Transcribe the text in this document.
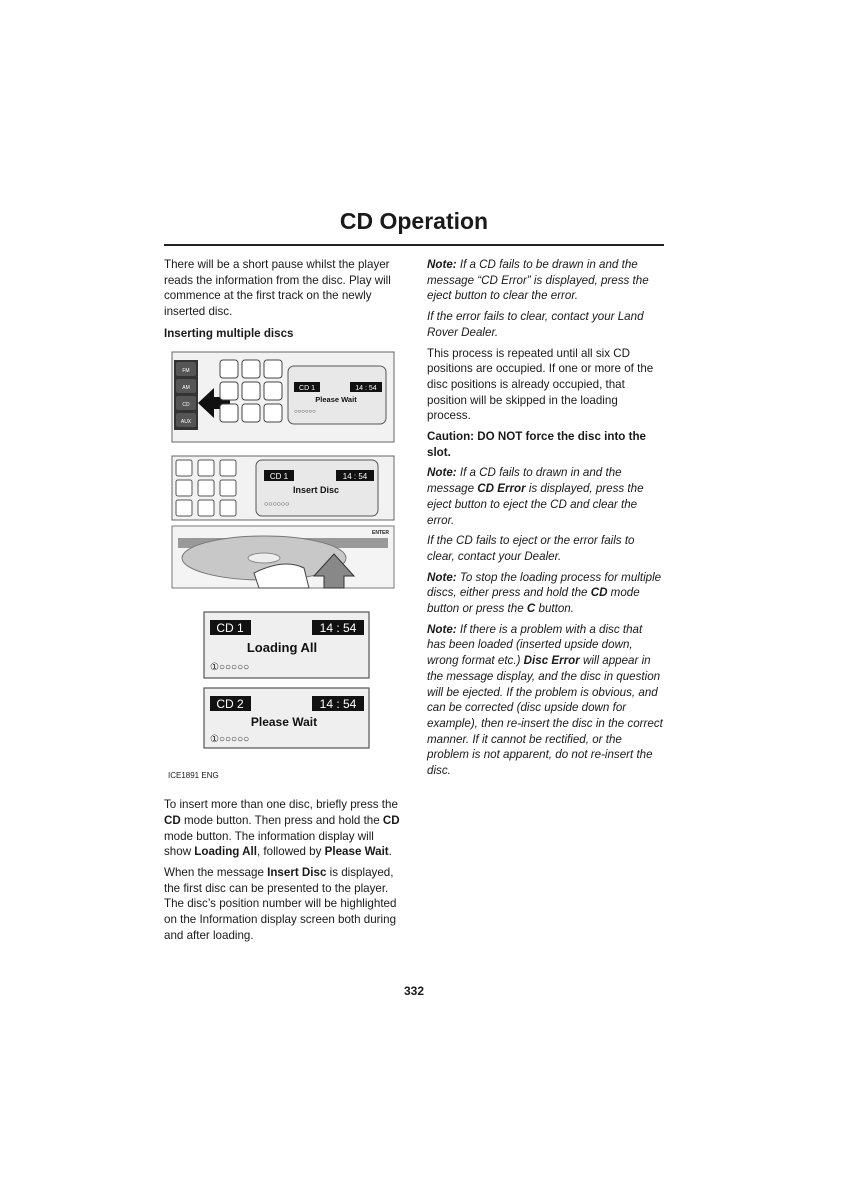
CD Operation

There will be a short pause whilst the player reads the information from the disc. Play will commence at the first track on the newly inserted disc.

Inserting multiple discs
FM
AM
CD
AUX
CD 1	14 : 54
Please Wait
○○○○○○
CD 1	14 : 54
Insert Disc
○○○○○○
ENTER
CD 1	14 : 54
Loading All
①○○○○○
CD 2	14 : 54
Please Wait
①○○○○○
ICE1891 ENG

To insert more than one disc, briefly press the CD mode button. Then press and hold the CD mode button. The information display will show Loading All, followed by Please Wait.

When the message Insert Disc is displayed, the first disc can be presented to the player. The disc’s position number will be highlighted on the Information display screen both during and after loading.

Note: If a CD fails to be drawn in and the message “CD Error” is displayed, press the eject button to clear the error.

If the error fails to clear, contact your Land Rover Dealer.

This process is repeated until all six CD positions are occupied. If one or more of the disc positions is already occupied, that position will be skipped in the loading process.

Caution: DO NOT force the disc into the slot.

Note: If a CD fails to drawn in and the message CD Error is displayed, press the eject button to eject the CD and clear the error.

If the CD fails to eject or the error fails to clear, contact your Dealer.

Note: To stop the loading process for multiple discs, either press and hold the CD mode button or press the C button.

Note: If there is a problem with a disc that has been loaded (inserted upside down, wrong format etc.) Disc Error will appear in the message display, and the disc in question will be ejected. If the problem is obvious, and can be corrected (disc upside down for example), then re-insert the disc in the correct manner. If it cannot be rectified, or the problem is not apparent, do not re-insert the disc.

332
